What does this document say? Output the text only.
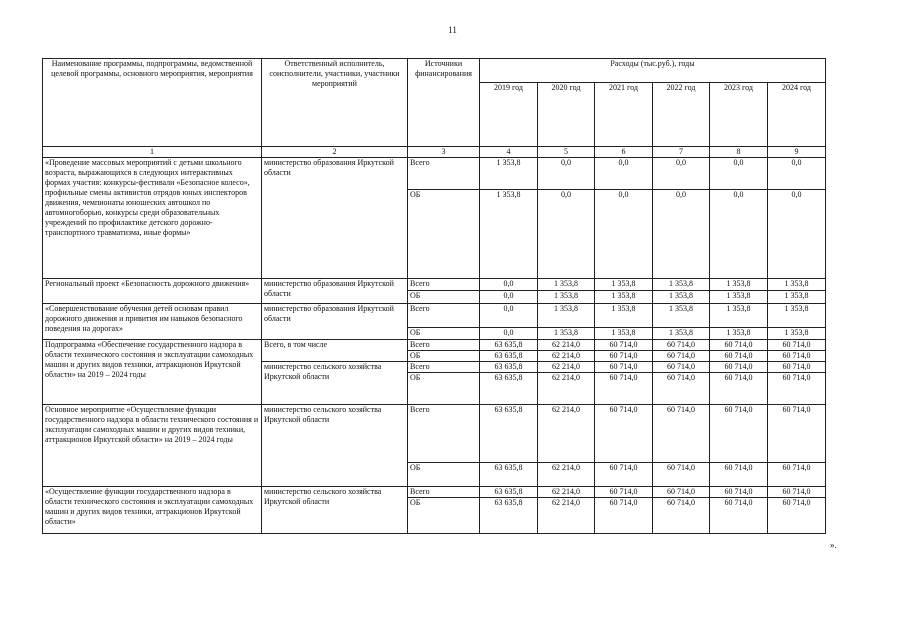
11
Наименование программы, подпрограммы, ведомственной целевой программы, основного мероприятия, мероприятия	Ответственный исполнитель, соисполнители, участники, участники мероприятий	Источники финансирования	Расходы (тыс.руб.), годы					
			2019 год	2020 год	2021 год	2022 год	2023 год	2024 год
1	2	3	4	5	6	7	8	9
«Проведение массовых мероприятий с детьми школьного возраста, выражающихся в следующих интерактивных формах участия: конкурсы-фестивали «Безопасное колесо», профильные смены активистов отрядов юных инспекторов движения, чемпионаты юношеских автошкол по автомногоборью, конкурсы среди образовательных учреждений по профилактике детского дорожно-транспортного травматизма, иные формы»	министерство образования Иркутской области	Всего	1 353,8	0,0	0,0	0,0	0,0	0,0
		ОБ	1 353,8	0,0	0,0	0,0	0,0	0,0
Региональный проект «Безопасность дорожного движения»	министерство образования Иркутской области	Всего	0,0	1 353,8	1 353,8	1 353,8	1 353,8	1 353,8
		ОБ	0,0	1 353,8	1 353,8	1 353,8	1 353,8	1 353,8
«Совершенствование обучения детей основам правил дорожного движения и привития им навыков безопасного поведения на дорогах»	министерство образования Иркутской области	Всего	0,0	1 353,8	1 353,8	1 353,8	1 353,8	1 353,8
		ОБ	0,0	1 353,8	1 353,8	1 353,8	1 353,8	1 353,8
Подпрограмма «Обеспечение государственного надзора в области технического состояния и эксплуатации самоходных машин и других видов техники, аттракционов Иркутской области» на 2019 – 2024 годы	Всего, в том числе	Всего	63 635,8	62 214,0	60 714,0	60 714,0	60 714,0	60 714,0
		ОБ	63 635,8	62 214,0	60 714,0	60 714,0	60 714,0	60 714,0
	министерство сельского хозяйства Иркутской области	Всего	63 635,8	62 214,0	60 714,0	60 714,0	60 714,0	60 714,0
		ОБ	63 635,8	62 214,0	60 714,0	60 714,0	60 714,0	60 714,0
Основное мероприятие «Осуществление функции государственного надзора в области технического состояния и эксплуатации самоходных машин и других видов техники, аттракционов Иркутской области» на 2019 – 2024 годы	министерство сельского хозяйства Иркутской области	Всего	63 635,8	62 214,0	60 714,0	60 714,0	60 714,0	60 714,0
		ОБ	63 635,8	62 214,0	60 714,0	60 714,0	60 714,0	60 714,0
«Осуществление функции государственного надзора в области технического состояния и эксплуатации самоходных машин и других видов техники, аттракционов Иркутской области»	министерство сельского хозяйства Иркутской области	Всего	63 635,8	62 214,0	60 714,0	60 714,0	60 714,0	60 714,0
		ОБ	63 635,8	62 214,0	60 714,0	60 714,0	60 714,0	60 714,0
».
